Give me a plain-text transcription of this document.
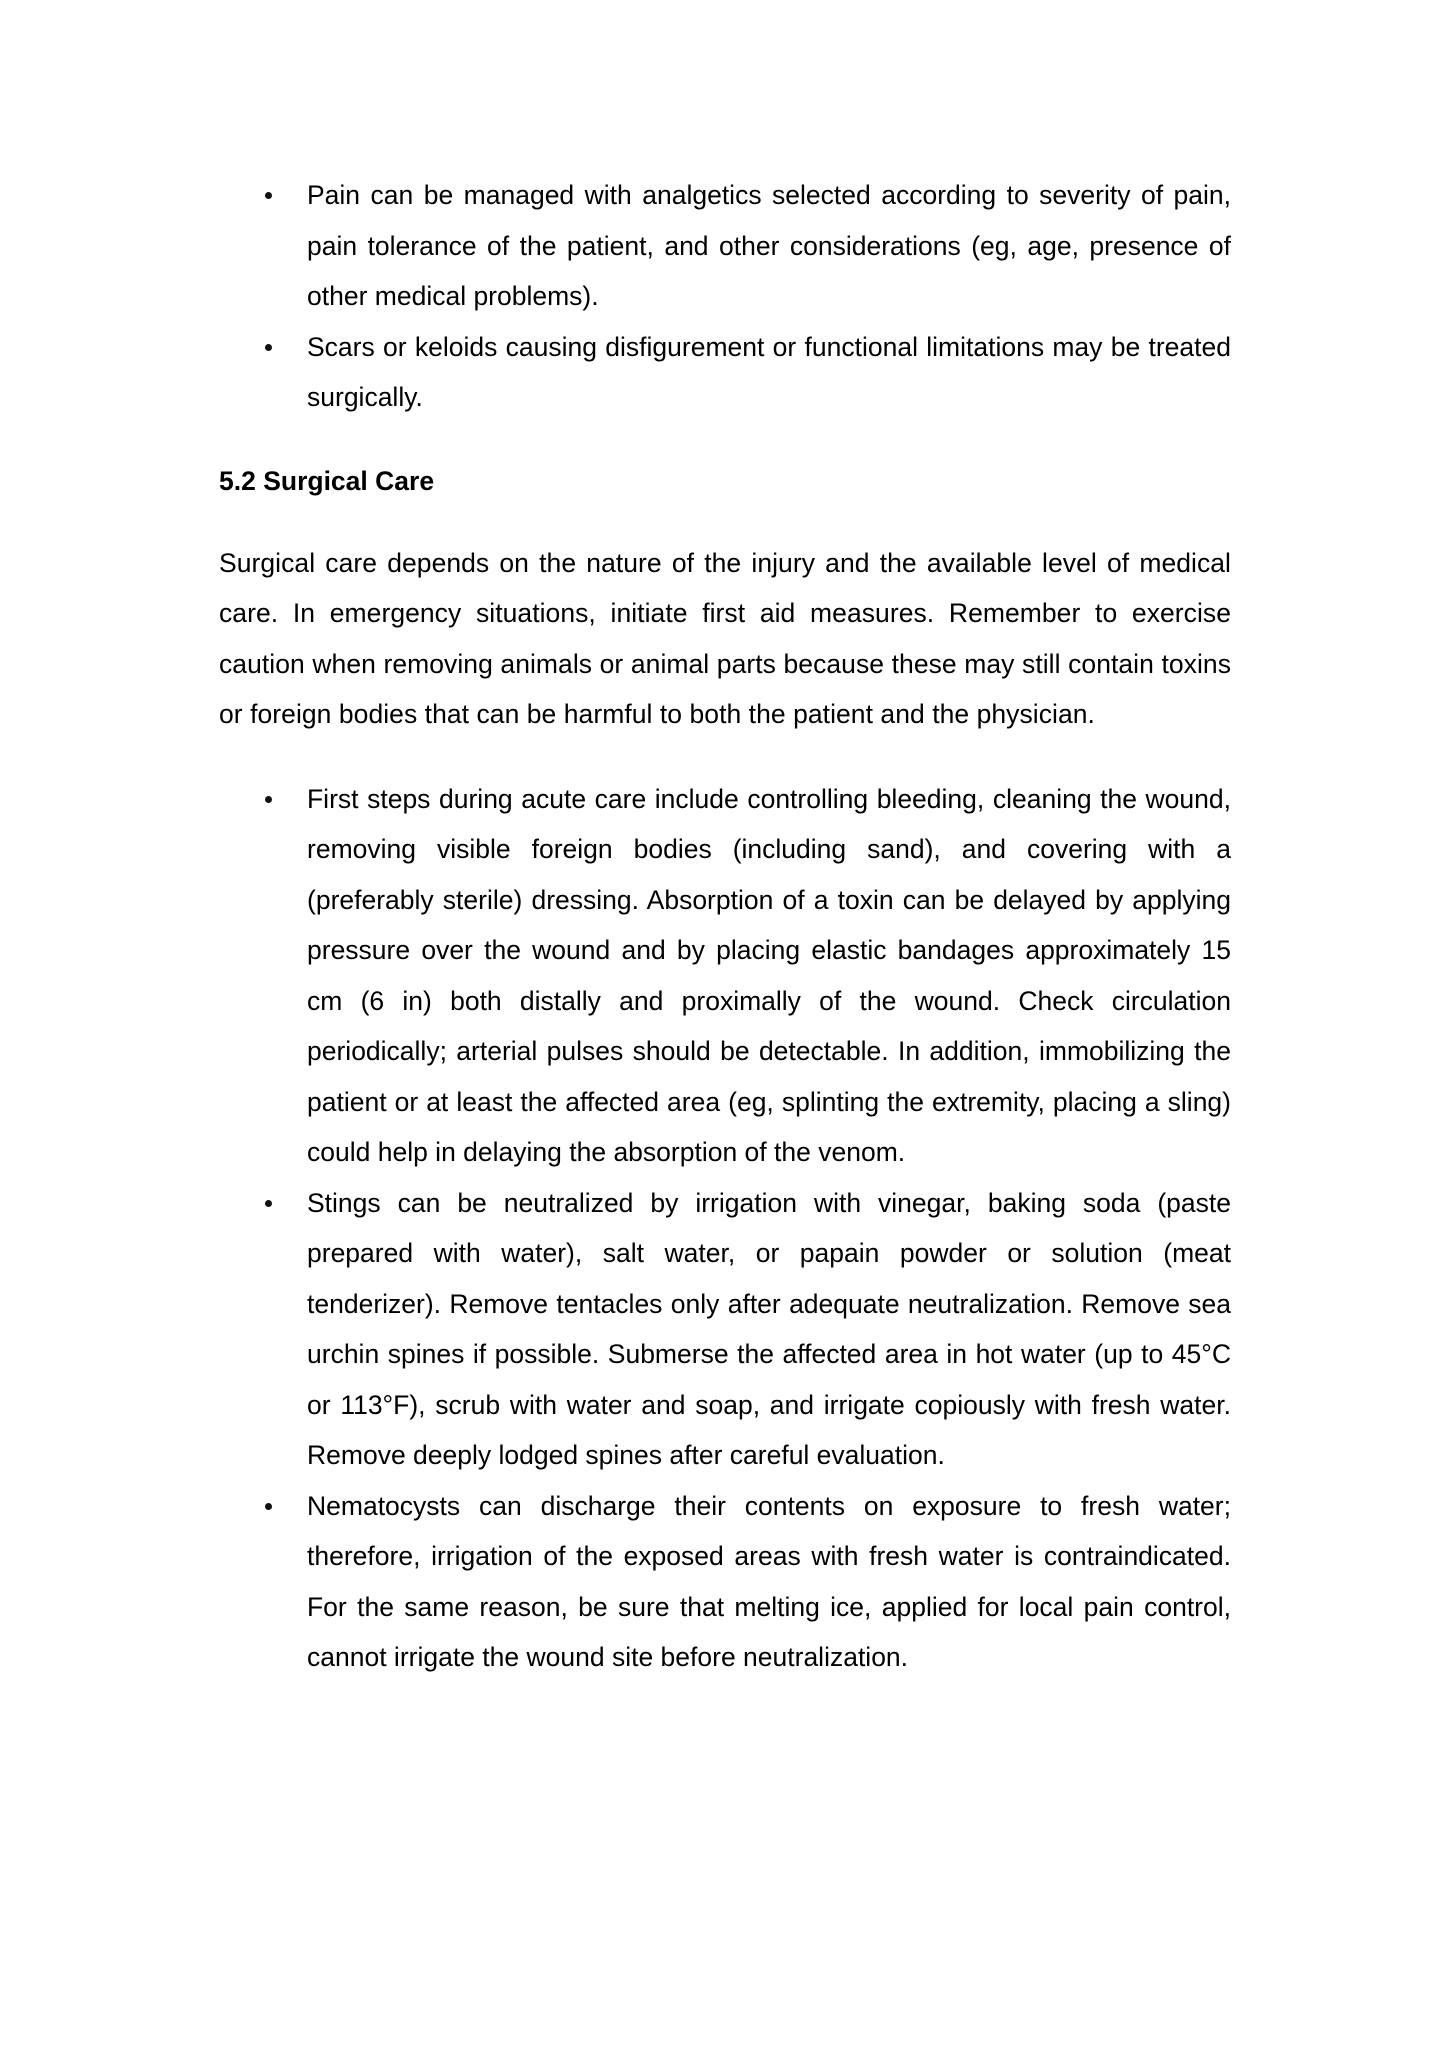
Pain can be managed with analgetics selected according to severity of pain, pain tolerance of the patient, and other considerations (eg, age, presence of other medical problems).
Scars or keloids causing disfigurement or functional limitations may be treated surgically.
5.2 Surgical Care

Surgical care depends on the nature of the injury and the available level of medical care. In emergency situations, initiate first aid measures. Remember to exercise caution when removing animals or animal parts because these may still contain toxins or foreign bodies that can be harmful to both the patient and the physician.

First steps during acute care include controlling bleeding, cleaning the wound, removing visible foreign bodies (including sand), and covering with a (preferably sterile) dressing. Absorption of a toxin can be delayed by applying pressure over the wound and by placing elastic bandages approximately 15 cm (6 in) both distally and proximally of the wound. Check circulation periodically; arterial pulses should be detectable. In addition, immobilizing the patient or at least the affected area (eg, splinting the extremity, placing a sling) could help in delaying the absorption of the venom.
Stings can be neutralized by irrigation with vinegar, baking soda (paste prepared with water), salt water, or papain powder or solution (meat tenderizer). Remove tentacles only after adequate neutralization. Remove sea urchin spines if possible. Submerse the affected area in hot water (up to 45°C or 113°F), scrub with water and soap, and irrigate copiously with fresh water. Remove deeply lodged spines after careful evaluation.
Nematocysts can discharge their contents on exposure to fresh water; therefore, irrigation of the exposed areas with fresh water is contraindicated. For the same reason, be sure that melting ice, applied for local pain control, cannot irrigate the wound site before neutralization.
